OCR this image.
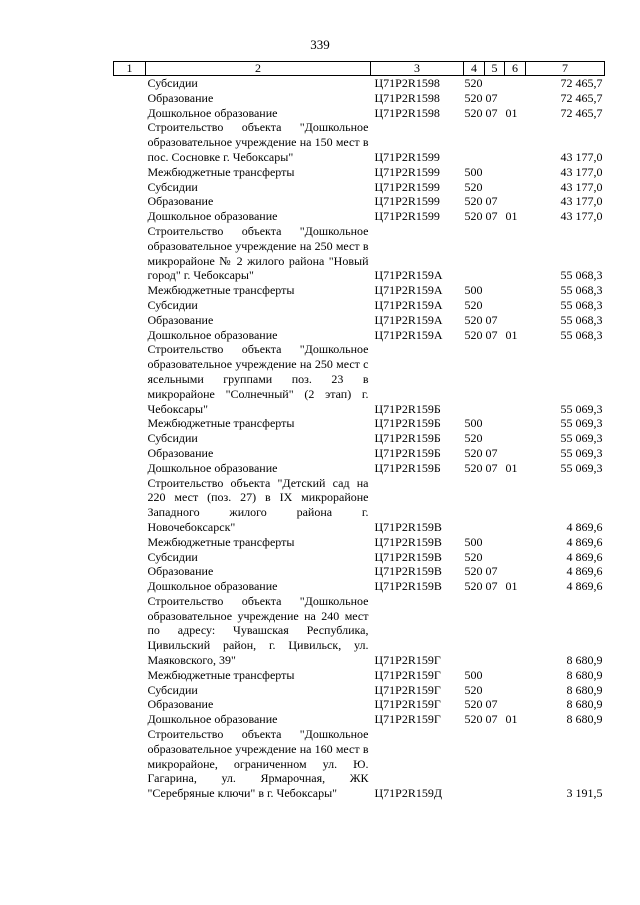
339
1	2	3	4	5	6	7
	Субсидии	Ц71P2R1598	520			72 465,7
	Образование	Ц71P2R1598	520	07		72 465,7
	Дошкольное образование	Ц71P2R1598	520	07	01	72 465,7
	Строительство объекта "Дошкольное образовательное учреждение на 150 мест в пос. Сосновке г. Чебоксары"	Ц71P2R1599				43 177,0
	Межбюджетные трансферты	Ц71P2R1599	500			43 177,0
	Субсидии	Ц71P2R1599	520			43 177,0
	Образование	Ц71P2R1599	520	07		43 177,0
	Дошкольное образование	Ц71P2R1599	520	07	01	43 177,0
	Строительство объекта "Дошкольное образовательное учреждение на 250 мест в микрорайоне № 2 жилого района "Новый город" г. Чебоксары"	Ц71P2R159A				55 068,3
	Межбюджетные трансферты	Ц71P2R159A	500			55 068,3
	Субсидии	Ц71P2R159A	520			55 068,3
	Образование	Ц71P2R159A	520	07		55 068,3
	Дошкольное образование	Ц71P2R159A	520	07	01	55 068,3
	Строительство объекта "Дошкольное образовательное учреждение на 250 мест с ясельными группами поз. 23 в микрорайоне "Солнечный" (2 этап) г. Чебоксары"	Ц71P2R159Б				55 069,3
	Межбюджетные трансферты	Ц71P2R159Б	500			55 069,3
	Субсидии	Ц71P2R159Б	520			55 069,3
	Образование	Ц71P2R159Б	520	07		55 069,3
	Дошкольное образование	Ц71P2R159Б	520	07	01	55 069,3
	Строительство объекта "Детский сад на 220 мест (поз. 27) в IX микрорайоне Западного жилого района г. Новочебоксарск"	Ц71P2R159В				4 869,6
	Межбюджетные трансферты	Ц71P2R159В	500			4 869,6
	Субсидии	Ц71P2R159В	520			4 869,6
	Образование	Ц71P2R159В	520	07		4 869,6
	Дошкольное образование	Ц71P2R159В	520	07	01	4 869,6
	Строительство объекта "Дошкольное образовательное учреждение на 240 мест по адресу: Чувашская Республика, Цивильский район, г. Цивильск, ул. Маяковского, 39"	Ц71P2R159Г				8 680,9
	Межбюджетные трансферты	Ц71P2R159Г	500			8 680,9
	Субсидии	Ц71P2R159Г	520			8 680,9
	Образование	Ц71P2R159Г	520	07		8 680,9
	Дошкольное образование	Ц71P2R159Г	520	07	01	8 680,9
	Строительство объекта "Дошкольное образовательное учреждение на 160 мест в микрорайоне, ограниченном ул. Ю. Гагарина, ул. Ярмарочная, ЖК "Серебряные ключи" в г. Чебоксары"	Ц71P2R159Д				3 191,5
